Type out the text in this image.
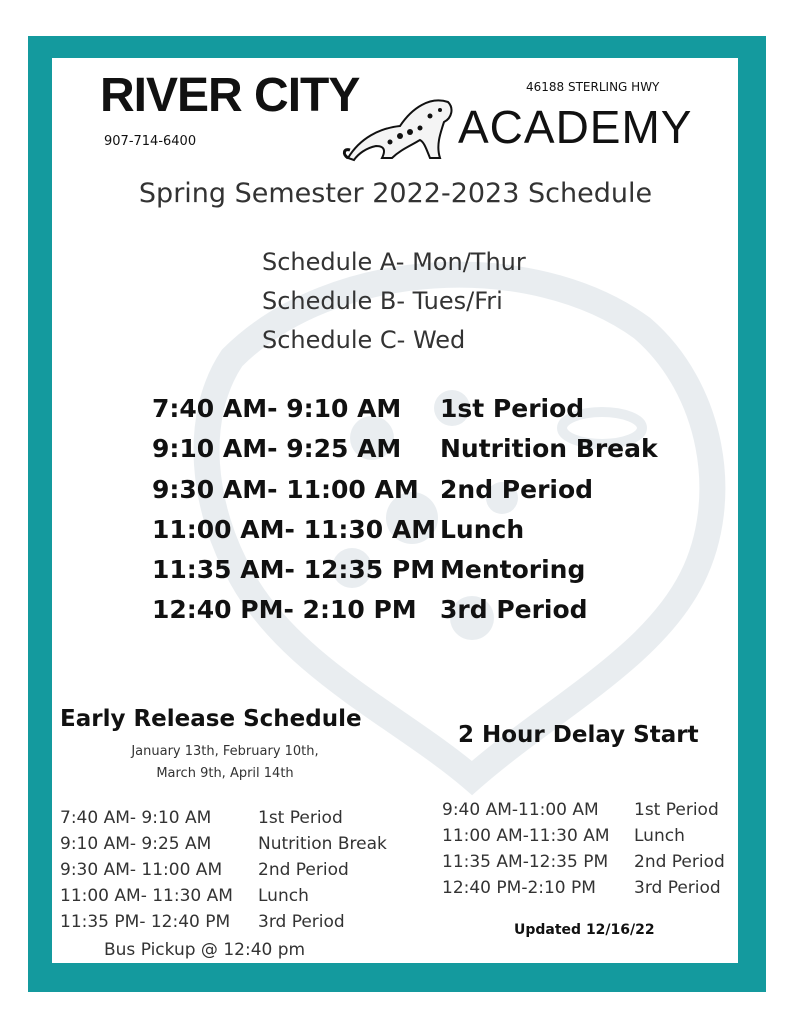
RIVER CITY
907-714-6400
46188 STERLING HWY
ACADEMY
Spring Semester 2022-2023 Schedule
Schedule A- Mon/Thur
Schedule B- Tues/Fri
Schedule C- Wed
7:40 AM- 9:10 AM 1st Period
9:10 AM- 9:25 AM Nutrition Break
9:30 AM- 11:00 AM 2nd Period
11:00 AM- 11:30 AM Lunch
11:35 AM- 12:35 PM Mentoring
12:40 PM- 2:10 PM 3rd Period
Early Release Schedule
January 13th, February 10th,
March 9th, April 14th
7:40 AM- 9:10 AM	1st Period
9:10 AM- 9:25 AM	Nutrition Break
9:30 AM- 11:00 AM 2nd Period
11:00 AM- 11:30 AM Lunch
11:35 PM- 12:40 PM 3rd Period
Bus Pickup @ 12:40 pm
2 Hour Delay Start
9:40 AM-11:00 AM 1st Period
11:00 AM-11:30 AM Lunch
11:35 AM-12:35 PM 2nd Period
12:40 PM-2:10 PM 3rd Period
Updated 12/16/22
